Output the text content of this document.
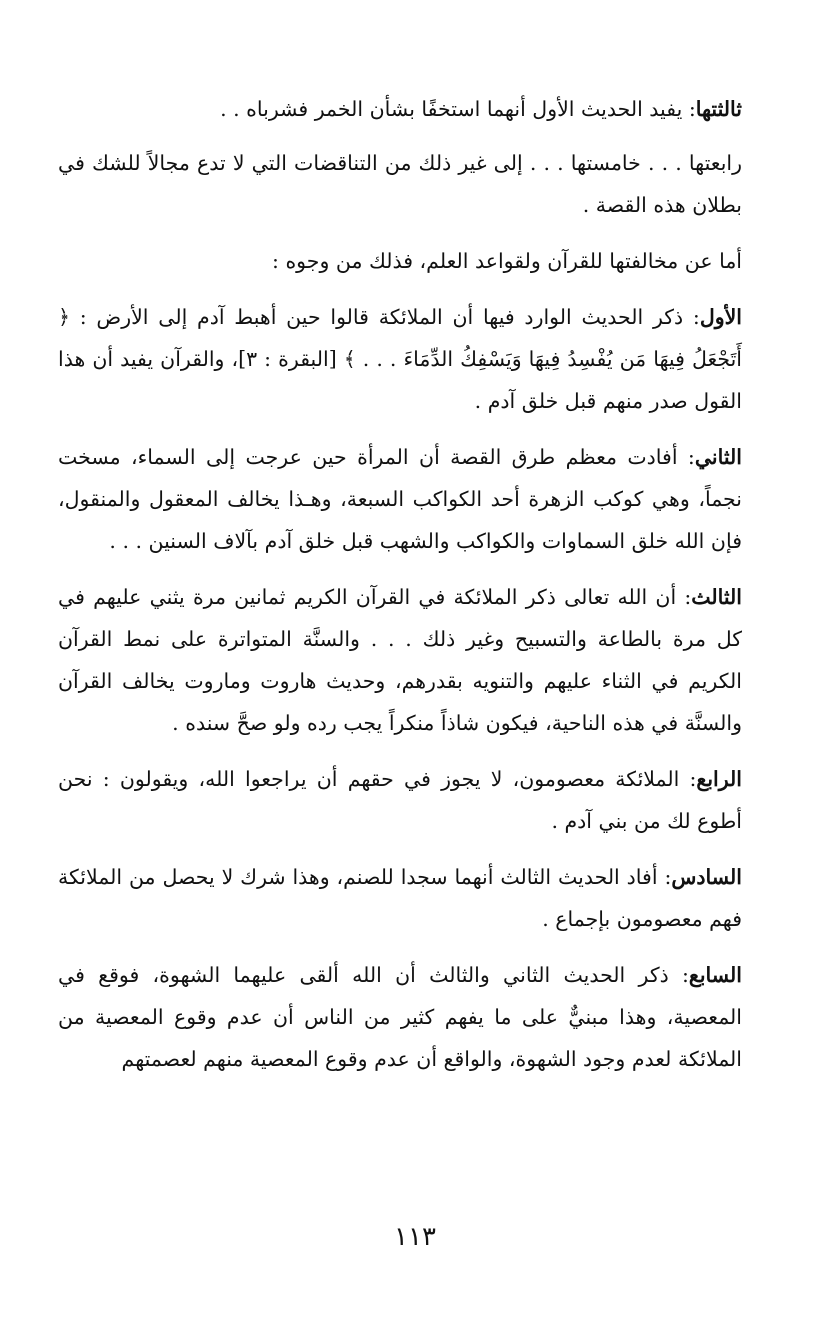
ثالثتها: يفيد الحديث الأول أنهما استخفًا بشأن الخمر فشرباه . .

رابعتها . . . خامستها . . . إلى غير ذلك من التناقضات التي لا تدع مجالاً للشك في بطلان هذه القصة .

أما عن مخالفتها للقرآن ولقواعد العلم، فذلك من وجوه :

الأول: ذكر الحديث الوارد فيها أن الملائكة قالوا حين أهبط آدم إلى الأرض : ﴿ أَتَجْعَلُ فِيهَا مَن يُفْسِدُ فِيهَا وَيَسْفِكُ الدِّمَاءَ . . . ﴾ [البقرة : ٣]، والقرآن يفيد أن هذا القول صدر منهم قبل خلق آدم .

الثاني: أفادت معظم طرق القصة أن المرأة حين عرجت إلى السماء، مسخت نجماً، وهي كوكب الزهرة أحد الكواكب السبعة، وهـذا يخالف المعقول والمنقول، فإن الله خلق السماوات والكواكب والشهب قبل خلق آدم بآلاف السنين . . .

الثالث: أن الله تعالى ذكر الملائكة في القرآن الكريم ثمانين مرة يثني عليهم في كل مرة بالطاعة والتسبيح وغير ذلك . . . والسنَّة المتواترة على نمط القرآن الكريم في الثناء عليهم والتنويه بقدرهم، وحديث هاروت وماروت يخالف القرآن والسنَّة في هذه الناحية، فيكون شاذاً منكراً يجب رده ولو صحَّ سنده .

الرابع: الملائكة معصومون، لا يجوز في حقهم أن يراجعوا الله، ويقولون : نحن أطوع لك من بني آدم .

السادس: أفاد الحديث الثالث أنهما سجدا للصنم، وهذا شرك لا يحصل من الملائكة فهم معصومون بإجماع .

السابع: ذكر الحديث الثاني والثالث أن الله ألقى عليهما الشهوة، فوقع في المعصية، وهذا مبنيٌّ على ما يفهم كثير من الناس أن عدم وقوع المعصية من الملائكة لعدم وجود الشهوة، والواقع أن عدم وقوع المعصية منهم لعصمتهم

١١٣
